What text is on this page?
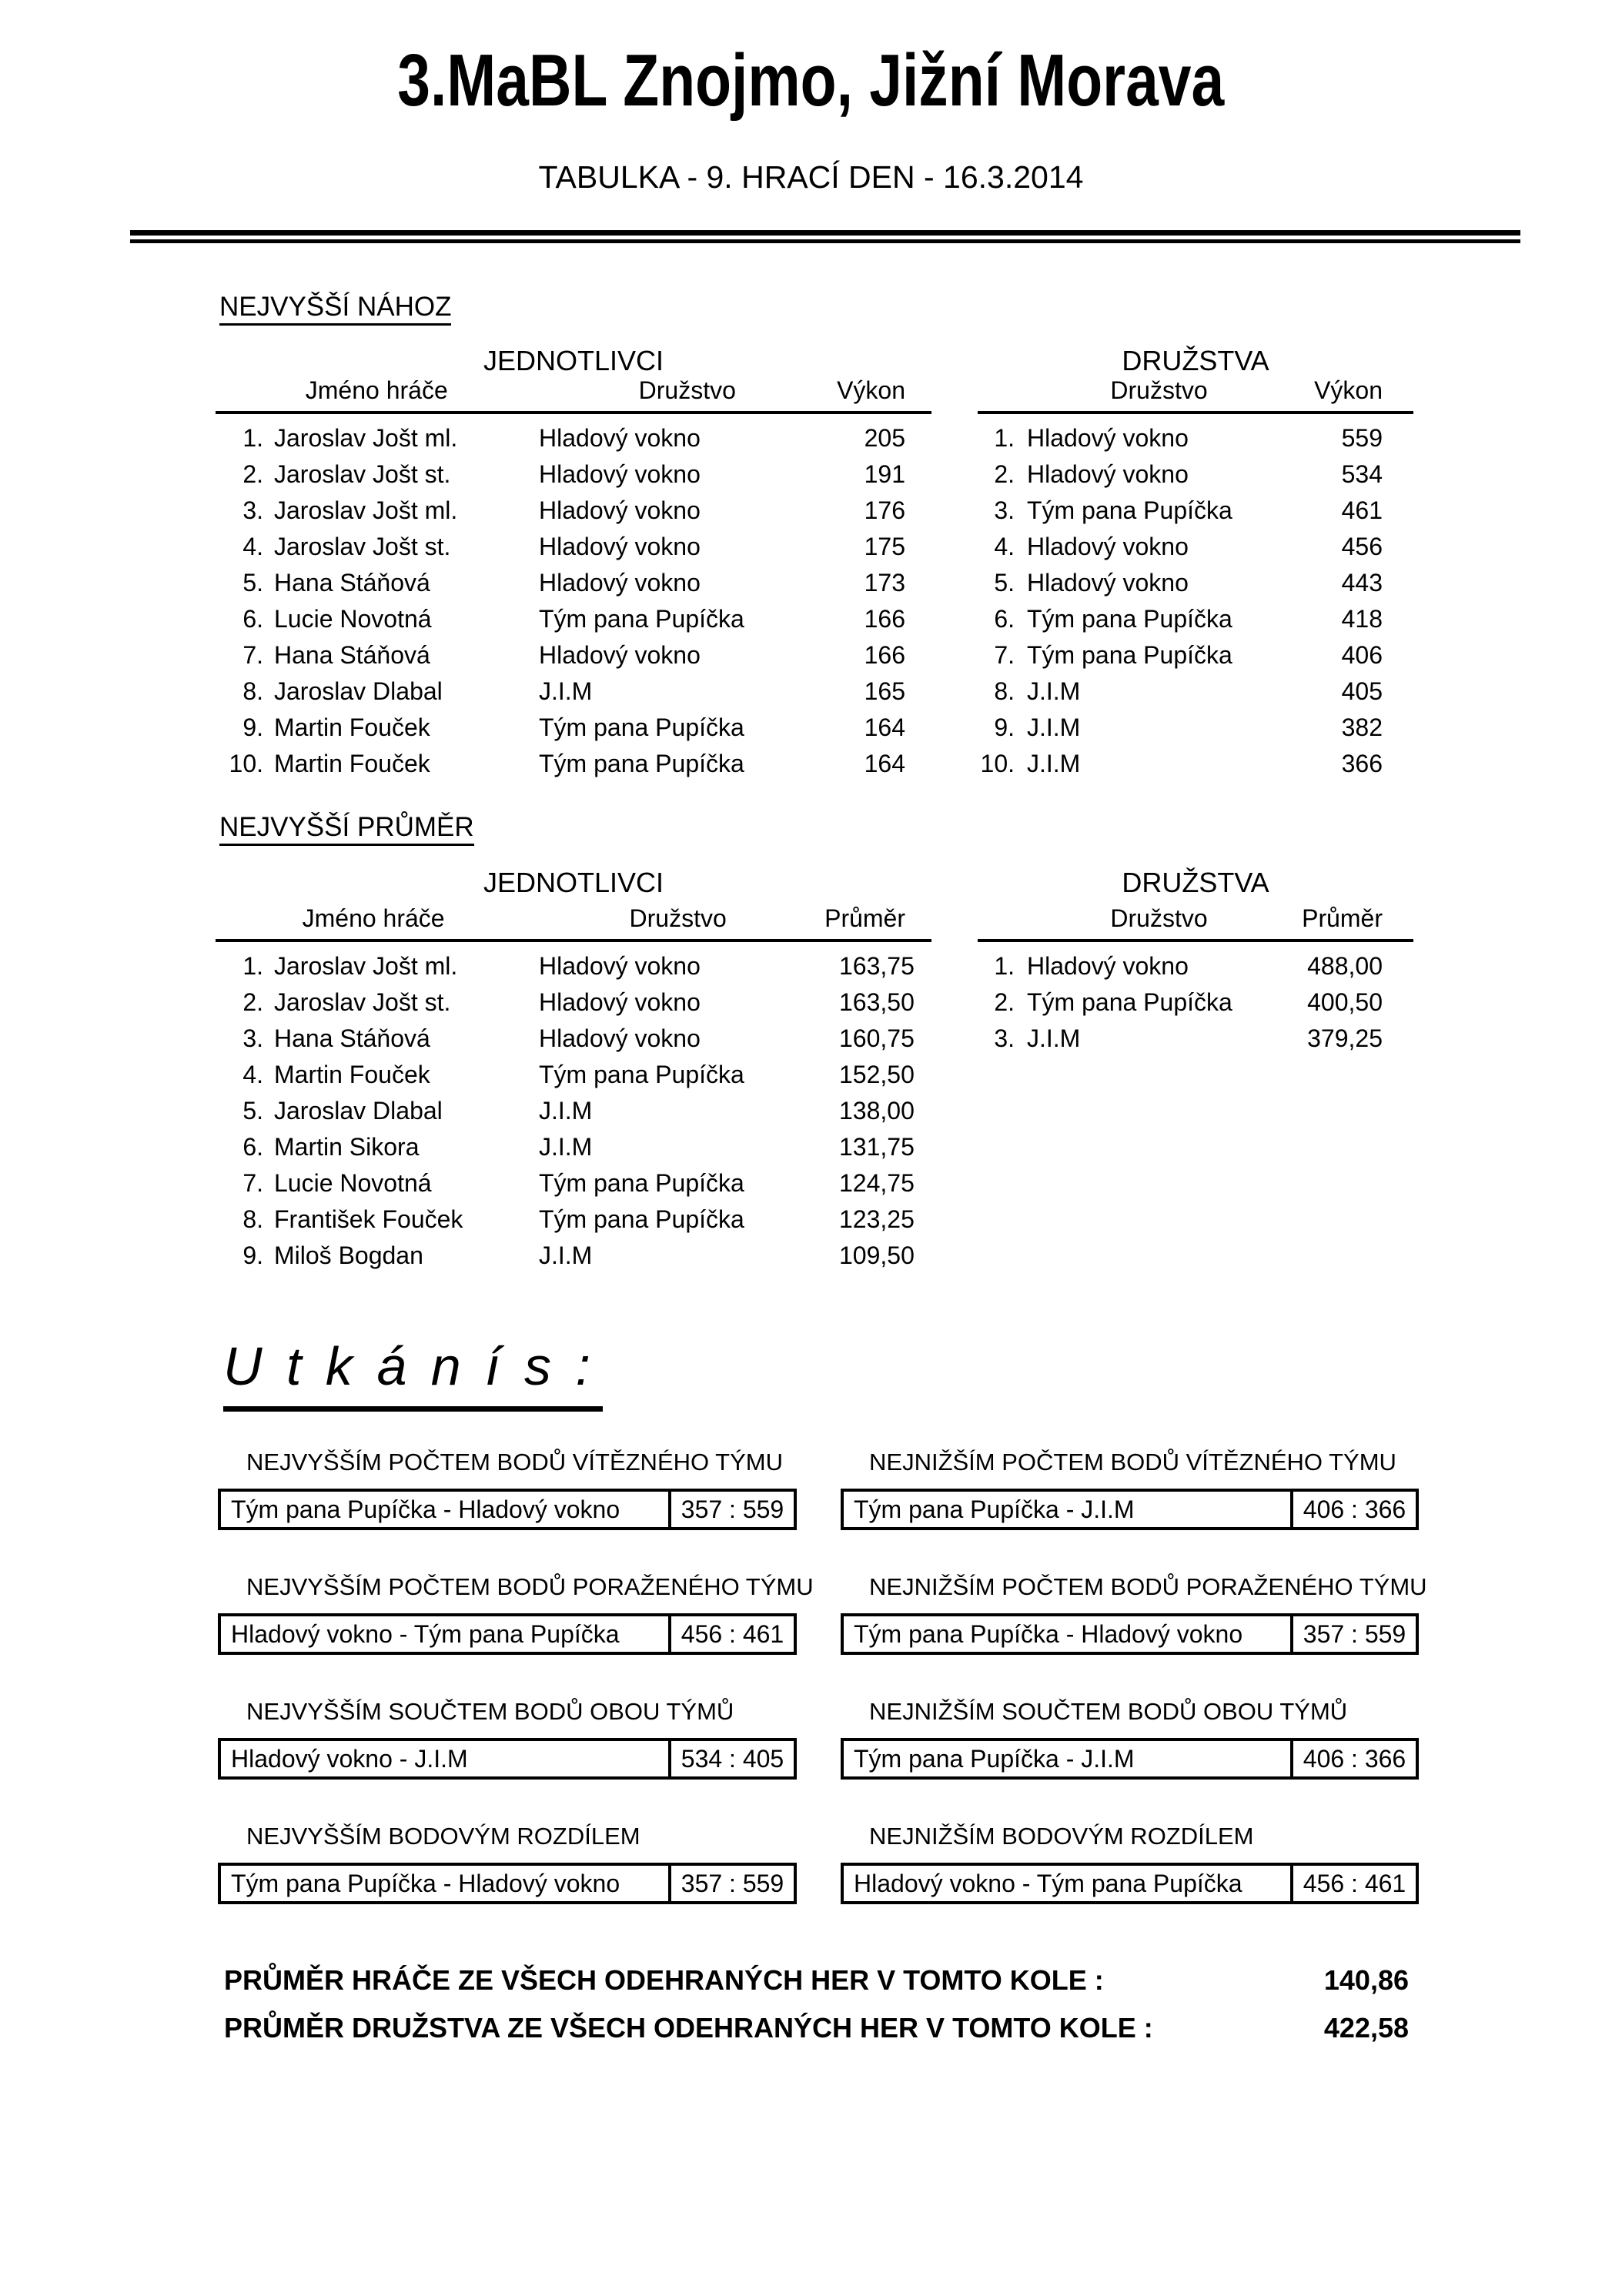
3.MaBL Znojmo, Jižní Morava
TABULKA - 9. HRACÍ DEN - 16.3.2014
NEJVYŠŠÍ NÁHOZ
JEDNOTLIVCI	DRUŽSTVA
Jméno hráče	Družstvo	Výkon
1. Jaroslav Jošt ml.	Hladový vokno	205
2. Jaroslav Jošt st.	Hladový vokno	191
3. Jaroslav Jošt ml.	Hladový vokno	176
4. Jaroslav Jošt st.	Hladový vokno	175
5. Hana Stáňová	Hladový vokno	173
6. Lucie Novotná	Tým pana Pupíčka	166
7. Hana Stáňová	Hladový vokno	166
8. Jaroslav Dlabal	J.I.M	165
9. Martin Fouček	Tým pana Pupíčka	164
10. Martin Fouček	Tým pana Pupíčka	164
Družstvo	Výkon
1. Hladový vokno	559
2. Hladový vokno	534
3. Tým pana Pupíčka	461
4. Hladový vokno	456
5. Hladový vokno	443
6. Tým pana Pupíčka	418
7. Tým pana Pupíčka	406
8. J.I.M	405
9. J.I.M	382
10. J.I.M	366
NEJVYŠŠÍ PRŮMĚR
JEDNOTLIVCI	DRUŽSTVA
Jméno hráče	Družstvo	Průměr
1. Jaroslav Jošt ml.	Hladový vokno	163,75
2. Jaroslav Jošt st.	Hladový vokno	163,50
3. Hana Stáňová	Hladový vokno	160,75
4. Martin Fouček	Tým pana Pupíčka	152,50
5. Jaroslav Dlabal	J.I.M	138,00
6. Martin Sikora	J.I.M	131,75
7. Lucie Novotná	Tým pana Pupíčka	124,75
8. František Fouček	Tým pana Pupíčka	123,25
9. Miloš Bogdan	J.I.M	109,50
Družstvo	Průměr
1. Hladový vokno	488,00
2. Tým pana Pupíčka	400,50
3. J.I.M	379,25
U t k á n í s :
NEJVYŠŠÍM POČTEM BODŮ VÍTĚZNÉHO TÝMU
Tým pana Pupíčka - Hladový vokno	357 : 559
NEJVYŠŠÍM POČTEM BODŮ PORAŽENÉHO TÝMU
Hladový vokno - Tým pana Pupíčka	456 : 461
NEJVYŠŠÍM SOUČTEM BODŮ OBOU TÝMŮ
Hladový vokno - J.I.M	534 : 405
NEJVYŠŠÍM BODOVÝM ROZDÍLEM
Tým pana Pupíčka - Hladový vokno	357 : 559
NEJNIŽŠÍM POČTEM BODŮ VÍTĚZNÉHO TÝMU
Tým pana Pupíčka - J.I.M	406 : 366
NEJNIŽŠÍM POČTEM BODŮ PORAŽENÉHO TÝMU
Tým pana Pupíčka - Hladový vokno	357 : 559
NEJNIŽŠÍM SOUČTEM BODŮ OBOU TÝMŮ
Tým pana Pupíčka - J.I.M	406 : 366
NEJNIŽŠÍM BODOVÝM ROZDÍLEM
Hladový vokno - Tým pana Pupíčka	456 : 461
PRŮMĚR HRÁČE ZE VŠECH ODEHRANÝCH HER V TOMTO KOLE :	140,86
PRŮMĚR DRUŽSTVA ZE VŠECH ODEHRANÝCH HER V TOMTO KOLE :	422,58
